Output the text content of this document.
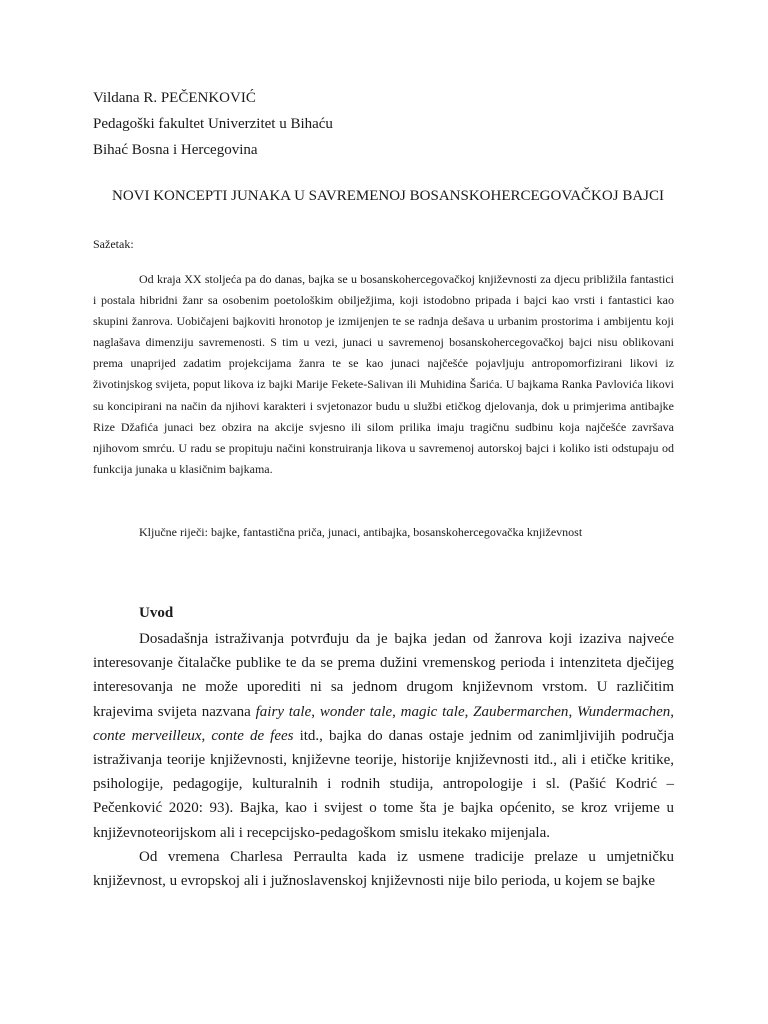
Vildana R. PEČENKOVIĆ
Pedagoški fakultet Univerzitet u Bihaću
Bihać Bosna i Hercegovina
NOVI KONCEPTI JUNAKA U SAVREMENOJ BOSANSKOHERCEGOVAČKOJ BAJCI
Sažetak:

Od kraja XX stoljeća pa do danas, bajka se u bosanskohercegovačkoj književnosti za djecu približila fantastici i postala hibridni žanr sa osobenim poetološkim obilježjima, koji istodobno pripada i bajci kao vrsti i fantastici kao skupini žanrova. Uobičajeni bajkoviti hronotop je izmijenjen te se radnja dešava u urbanim prostorima i ambijentu koji naglašava dimenziju savremenosti. S tim u vezi, junaci u savremenoj bosanskohercegovačkoj bajci nisu oblikovani prema unaprijed zadatim projekcijama žanra te se kao junaci najčešće pojavljuju antropomorfizirani likovi iz životinjskog svijeta, poput likova iz bajki Marije Fekete-Salivan ili Muhidina Šarića. U bajkama Ranka Pavlovića likovi su koncipirani na način da njihovi karakteri i svjetonazor budu u službi etičkog djelovanja, dok u primjerima antibajke Rize Džafića junaci bez obzira na akcije svjesno ili silom prilika imaju tragičnu sudbinu koja najčešće završava njihovom smrću. U radu se propituju načini konstruiranja likova u savremenoj autorskoj bajci i koliko isti odstupaju od funkcija junaka u klasičnim bajkama.

Ključne riječi: bajke, fantastična priča, junaci, antibajka, bosanskohercegovačka književnost
Uvod

Dosadašnja istraživanja potvrđuju da je bajka jedan od žanrova koji izaziva najveće interesovanje čitalačke publike te da se prema dužini vremenskog perioda i intenziteta dječijeg interesovanja ne može uporediti ni sa jednom drugom književnom vrstom. U različitim krajevima svijeta nazvana fairy tale, wonder tale, magic tale, Zaubermarchen, Wundermachen, conte merveilleux, conte de fees itd., bajka do danas ostaje jednim od zanimljivijih područja istraživanja teorije književnosti, književne teorije, historije književnosti itd., ali i etičke kritike, psihologije, pedagogije, kulturalnih i rodnih studija, antropologije i sl. (Pašić Kodrić – Pečenković 2020: 93). Bajka, kao i svijest o tome šta je bajka općenito, se kroz vrijeme u književnoteorijskom ali i recepcijsko-pedagoškom smislu itekako mijenjala.

Od vremena Charlesa Perraulta kada iz usmene tradicije prelaze u umjetničku književnost, u evropskoj ali i južnoslavenskoj književnosti nije bilo perioda, u kojem se bajke
